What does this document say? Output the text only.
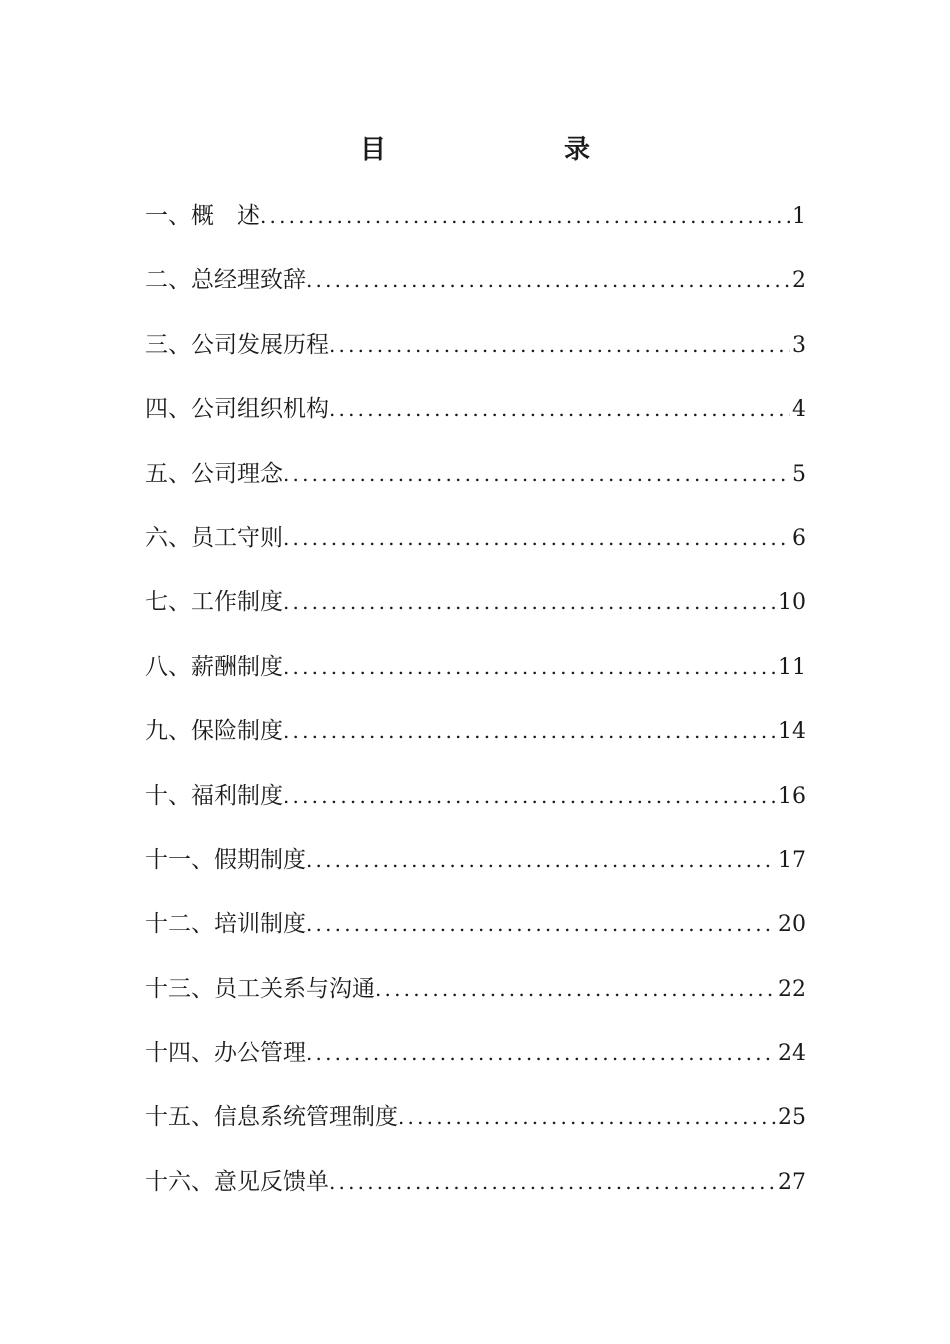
目　　录
一、概　述 .....	1
二、总经理致辞 .....	2
三、公司发展历程 .....	3
四、公司组织机构 .....	4
五、公司理念 .....	5
六、员工守则 .....	6
七、工作制度 .....	10
八、薪酬制度 .....	11
九、保险制度 .....	14
十、福利制度 .....	16
十一、假期制度 .....	17
十二、培训制度 .....	20
十三、员工关系与沟通 .....	22
十四、办公管理 .....	24
十五、信息系统管理制度 .....	25
十六、意见反馈单 .....	27
